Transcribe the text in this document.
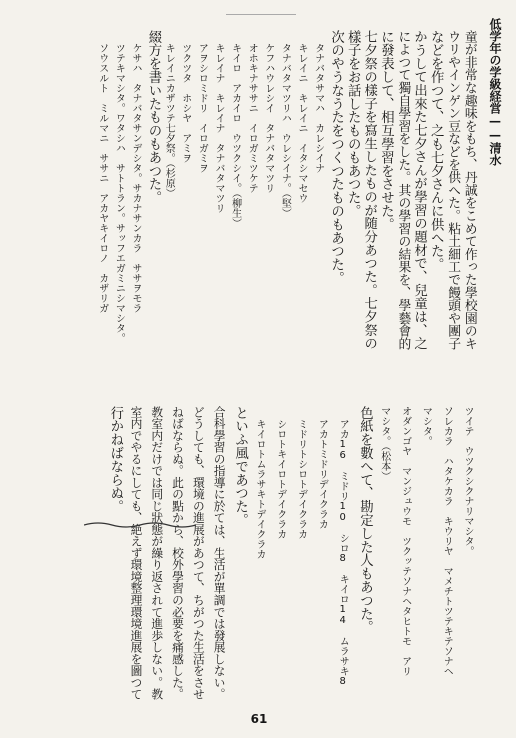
低学年の学級経営——清水
童が非常な趣味をもち、丹誠をこめて作った學校園のキ
ウリやインゲン豆などを供へた。粘土細工で饅頭や團子
などを作つて、之も七夕さんに供へた。
かうして出來た七夕さんが學習の題材で、兒童は、之
によつて獨自學習をした。其の學習の結果を、學藝會的
に發表して、相互學習をさせた。
七夕祭の樣子を寫生したものが随分あつた。七夕祭の
樣子をお話したものもあつた。
次のやうなうたをつくつたものもあつた。
タナバタサマハ　カレシイナ
キレイニ　キレイニ　イタシマセウ
タナバタマツリハ　ウレシイナ。（堅）
ケフハウレシイ　タナバタマツリ
オホキナササニ　イロガミツケテ
キイロ　アカイロ　ウツクシイ。（柳生）
キレイナ　キレイナ　タナバタマツリ
アヲシロミドリ　イロガミヲ
ツクツタ　ホシヤ　アミヲ
キレイニカザツテ七夕祭。（杉原）
綴方を書いたものもあつた。
ケサハ　タナバタサンデシタ。サカナサンカラ　ササヲモラ
ツテキマシタ。ワタシハ　サトトラン。サッフエガミニシマシタ。
ソウスルト　ミルマニ　ササニ　アカヤキイロノ　カザリガ
ツイテ　ウツクシクナリマシタ。
ソレカラ　ハタケカラ　キウリヤ　マメチトツテキテソナヘ
マシタ。
オダンゴヤ　マンジュウモ　ツクッテソナヘタヒトモ　アリ
マシタ。（松本）
色紙を數へて、勘定した人もあつた。
アカ16　ミドリ10　シロ8　キイロ14　ムラサキ8
アカトミドリデイクラカ
ミドリトシロトデイクラカ
シロトキイロトデイクラカ
キイロトムラサキトデイクラカ
といふ風であつた。
合科學習の指導に於ては、生活が單調では發展しない。
どうしても、環境の進展があつて、ちがつた生活をさせ
ねばならぬ。此の點から、校外學習の必要を痛感した。
教室内だけでは同じ狀態が繰り返されて進歩しない。教
室内でやるにしても、絶えず環境整理環境進展を圖つて
行かねばならぬ。
61
